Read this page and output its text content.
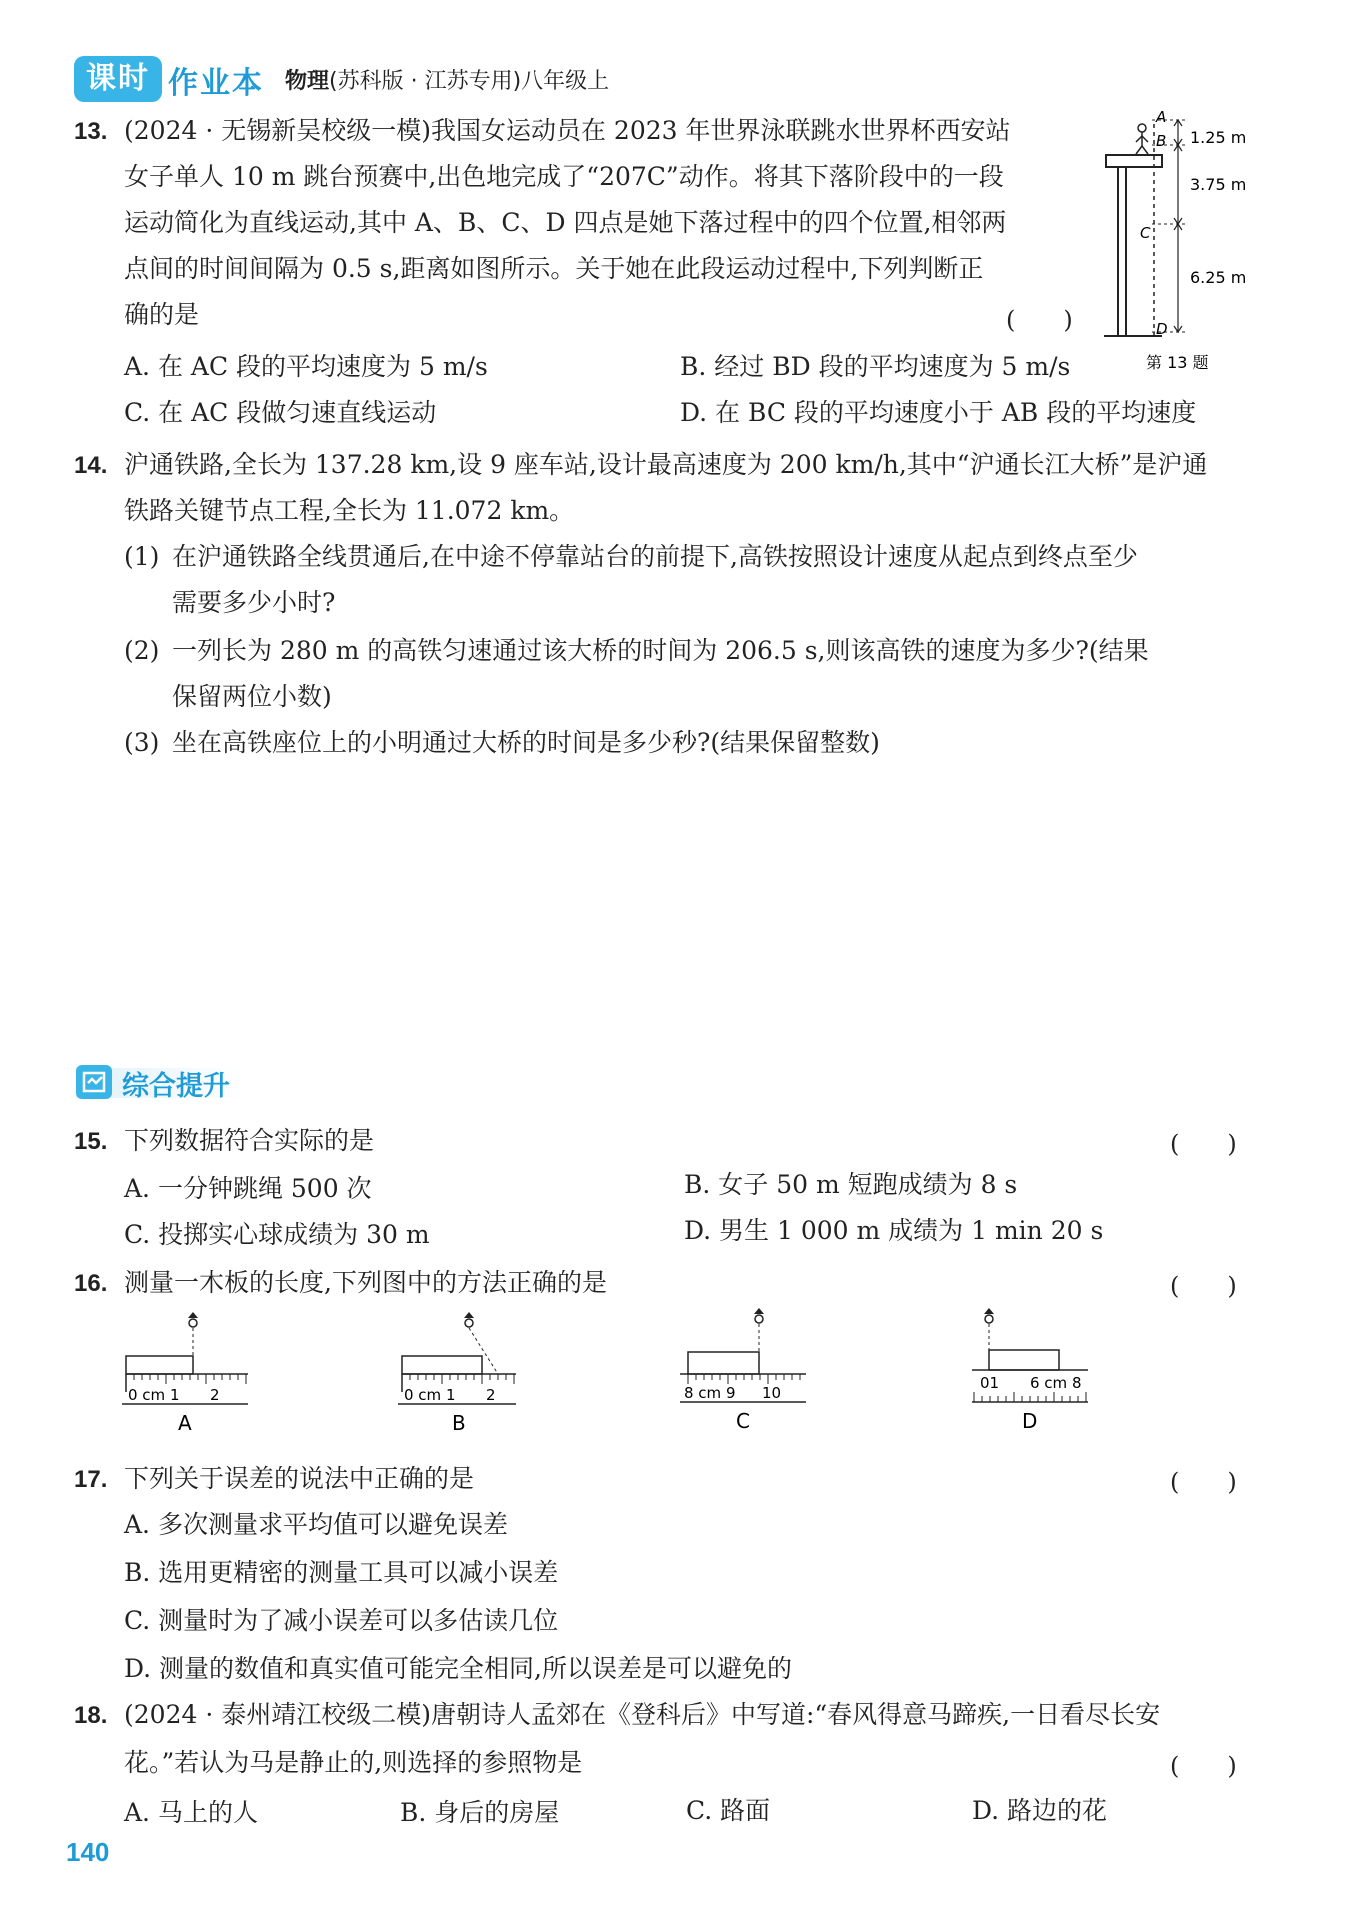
课时 作业本 物理(苏科版 · 江苏专用)八年级上
13. (2024 · 无锡新吴校级一模)我国女运动员在 2023 年世界泳联跳水世界杯西安站
女子单人 10 m 跳台预赛中,出色地完成了“207C”动作。将其下落阶段中的一段
运动简化为直线运动,其中 A、B、C、D 四点是她下落过程中的四个位置,相邻两
点间的时间间隔为 0.5 s,距离如图所示。关于她在此段运动过程中,下列判断正
确的是	(　　)
A. 在 AC 段的平均速度为 5 m/s	B. 经过 BD 段的平均速度为 5 m/s
C. 在 AC 段做匀速直线运动	D. 在 BC 段的平均速度小于 AB 段的平均速度
A
B
C
D
1.25 m
3.75 m
6.25 m
第 13 题
14. 沪通铁路,全长为 137.28 km,设 9 座车站,设计最高速度为 200 km/h,其中“沪通长江大桥”是沪通
铁路关键节点工程,全长为 11.072 km。
(1) 在沪通铁路全线贯通后,在中途不停靠站台的前提下,高铁按照设计速度从起点到终点至少
需要多少小时?
(2) 一列长为 280 m 的高铁匀速通过该大桥的时间为 206.5 s,则该高铁的速度为多少?(结果
保留两位小数)
(3) 坐在高铁座位上的小明通过大桥的时间是多少秒?(结果保留整数)
综合提升
15. 下列数据符合实际的是	(　　)
A. 一分钟跳绳 500 次	B. 女子 50 m 短跑成绩为 8 s
C. 投掷实心球成绩为 30 m	D. 男生 1 000 m 成绩为 1 min 20 s
16. 测量一木板的长度,下列图中的方法正确的是	(　　)
0 cm 1 2
A
0 cm 1 2
B
8 cm 9 10
C
01 6 cm 8
D
17. 下列关于误差的说法中正确的是	(　　)
A. 多次测量求平均值可以避免误差
B. 选用更精密的测量工具可以减小误差
C. 测量时为了减小误差可以多估读几位
D. 测量的数值和真实值可能完全相同,所以误差是可以避免的
18. (2024 · 泰州靖江校级二模)唐朝诗人孟郊在《登科后》中写道:“春风得意马蹄疾,一日看尽长安
花。”若认为马是静止的,则选择的参照物是	(　　)
A. 马上的人	B. 身后的房屋	C. 路面	D. 路边的花
140
